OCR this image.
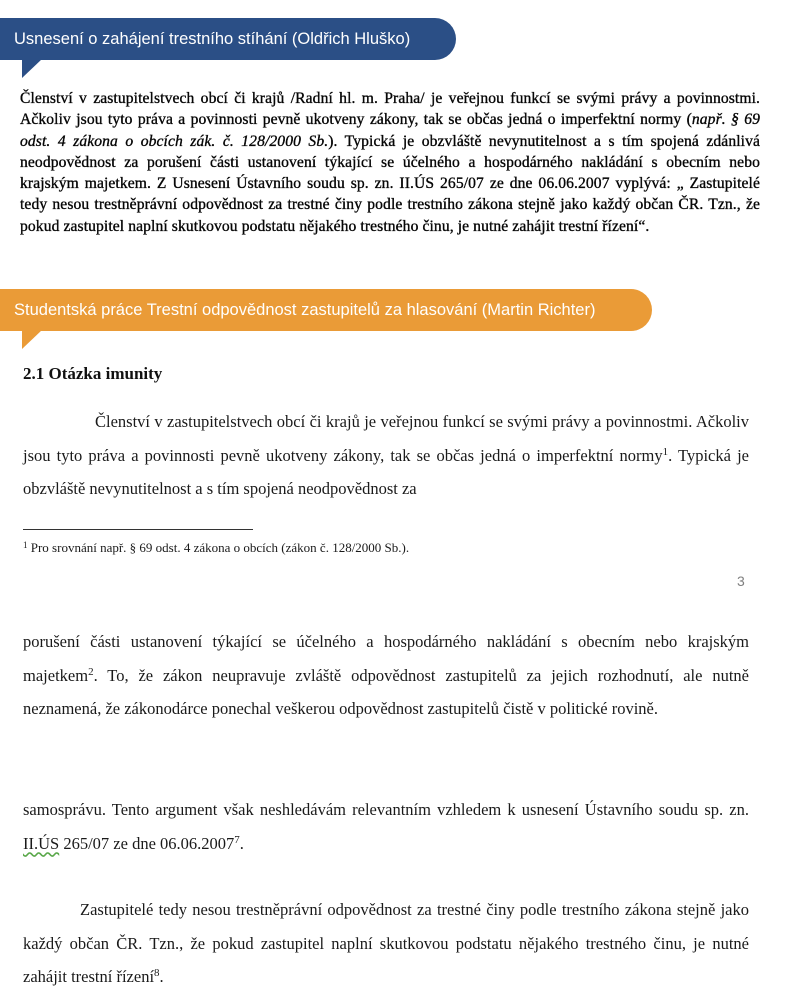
Usnesení o zahájení trestního stíhání (Oldřich Hluško)

Členství v zastupitelstvech obcí či krajů /Radní hl. m. Praha/ je veřejnou funkcí se svými právy a povinnostmi. Ačkoliv jsou tyto práva a povinnosti pevně ukotveny zákony, tak se občas jedná o imperfektní normy (např. § 69 odst. 4 zákona o obcích zák. č. 128/2000 Sb.). Typická je obzvláště nevynutitelnost a s tím spojená zdánlivá neodpovědnost za porušení části ustanovení týkající se účelného a hospodárného nakládání s obecním nebo krajským majetkem. Z Usnesení Ústavního soudu sp. zn. II.ÚS 265/07 ze dne 06.06.2007 vyplývá: „ Zastupitelé tedy nesou trestněprávní odpovědnost za trestné činy podle trestního zákona stejně jako každý občan ČR. Tzn., že pokud zastupitel naplní skutkovou podstatu nějakého trestného činu, je nutné zahájit trestní řízení“.

Studentská práce Trestní odpovědnost zastupitelů za hlasování (Martin Richter)
2.1 Otázka imunity
Členství v zastupitelstvech obcí či krajů je veřejnou funkcí se svými právy a povinnostmi. Ačkoliv jsou tyto práva a povinnosti pevně ukotveny zákony, tak se občas jedná o imperfektní normy$^1$. Typická je obzvláště nevynutitelnost a s tím spojená neodpovědnost za
$^1$ Pro srovnání např. § 69 odst. 4 zákona o obcích (zákon č. 128/2000 Sb.).
3
porušení části ustanovení týkající se účelného a hospodárného nakládání s obecním nebo krajským majetkem$^2$. To, že zákon neupravuje zvláště odpovědnost zastupitelů za jejich rozhodnutí, ale nutně neznamená, že zákonodárce ponechal veškerou odpovědnost zastupitelů čistě v politické rovině.
samosprávu. Tento argument však neshledávám relevantním vzhledem k usnesení Ústavního soudu sp. zn. II.ÚS 265/07 ze dne 06.06.2007$^7$.
Zastupitelé tedy nesou trestněprávní odpovědnost za trestné činy podle trestního zákona stejně jako každý občan ČR. Tzn., že pokud zastupitel naplní skutkovou podstatu nějakého trestného činu, je nutné zahájit trestní řízení$^8$.
